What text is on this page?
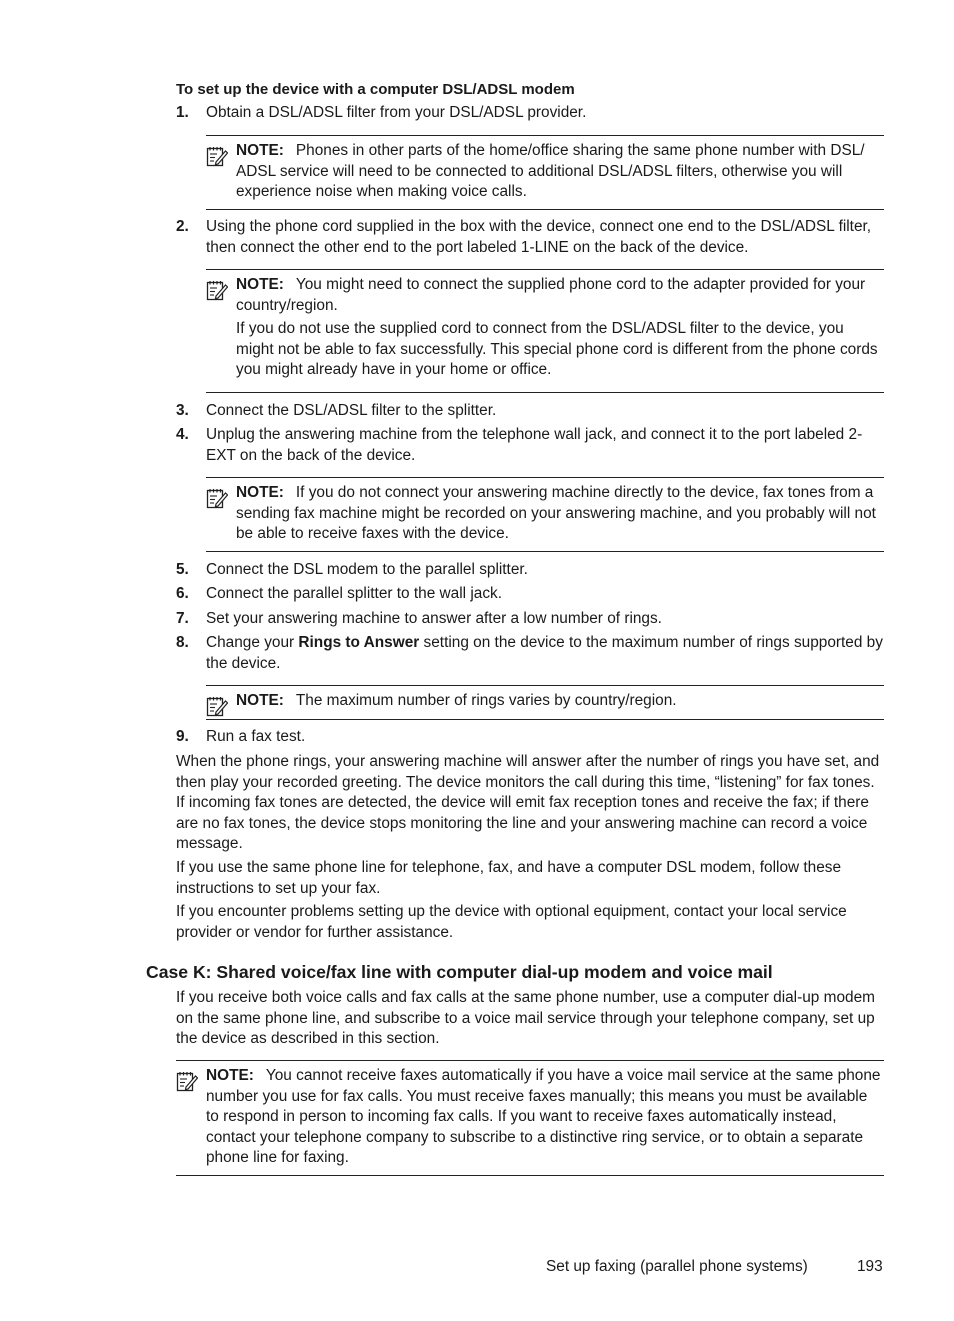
To set up the device with a computer DSL/ADSL modem
1. Obtain a DSL/ADSL filter from your DSL/ADSL provider.

NOTE: Phones in other parts of the home/office sharing the same phone number with DSL/ ADSL service will need to be connected to additional DSL/ADSL filters, otherwise you will experience noise when making voice calls.

2. Using the phone cord supplied in the box with the device, connect one end to the DSL/ADSL filter, then connect the other end to the port labeled 1-LINE on the back of the device.

NOTE: You might need to connect the supplied phone cord to the adapter provided for your country/region.

If you do not use the supplied cord to connect from the DSL/ADSL filter to the device, you might not be able to fax successfully. This special phone cord is different from the phone cords you might already have in your home or office.

3. Connect the DSL/ADSL filter to the splitter.
4. Unplug the answering machine from the telephone wall jack, and connect it to the port labeled 2-EXT on the back of the device.

NOTE: If you do not connect your answering machine directly to the device, fax tones from a sending fax machine might be recorded on your answering machine, and you probably will not be able to receive faxes with the device.

5. Connect the DSL modem to the parallel splitter.
6. Connect the parallel splitter to the wall jack.
7. Set your answering machine to answer after a low number of rings.
8. Change your Rings to Answer setting on the device to the maximum number of rings supported by the device.

NOTE: The maximum number of rings varies by country/region.

9. Run a fax test.

When the phone rings, your answering machine will answer after the number of rings you have set, and then play your recorded greeting. The device monitors the call during this time, “listening” for fax tones. If incoming fax tones are detected, the device will emit fax reception tones and receive the fax; if there are no fax tones, the device stops monitoring the line and your answering machine can record a voice message.

If you use the same phone line for telephone, fax, and have a computer DSL modem, follow these instructions to set up your fax.

If you encounter problems setting up the device with optional equipment, contact your local service provider or vendor for further assistance.

Case K: Shared voice/fax line with computer dial-up modem and voice mail

If you receive both voice calls and fax calls at the same phone number, use a computer dial-up modem on the same phone line, and subscribe to a voice mail service through your telephone company, set up the device as described in this section.

NOTE: You cannot receive faxes automatically if you have a voice mail service at the same phone number you use for fax calls. You must receive faxes manually; this means you must be available to respond in person to incoming fax calls. If you want to receive faxes automatically instead, contact your telephone company to subscribe to a distinctive ring service, or to obtain a separate phone line for faxing.

Set up faxing (parallel phone systems)	193
